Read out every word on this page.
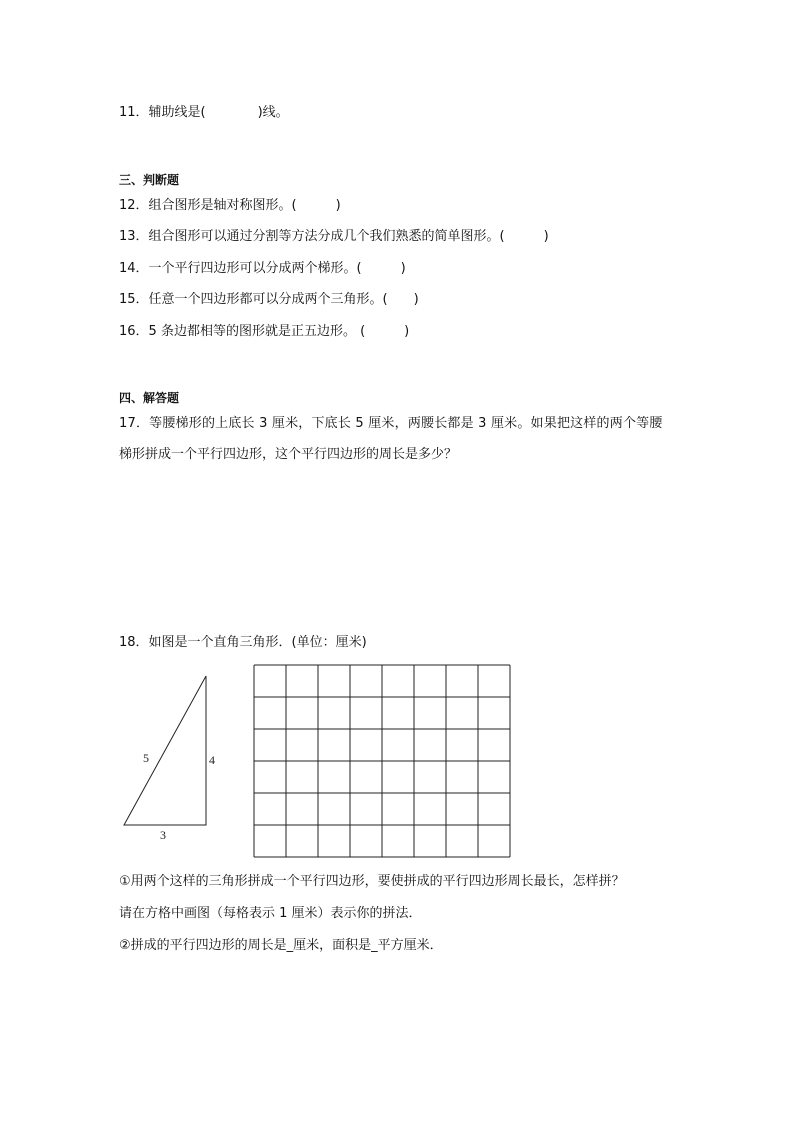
11．辅助线是(　　　　)线。
三、判断题
12．组合图形是轴对称图形。(　　　)
13．组合图形可以通过分割等方法分成几个我们熟悉的简单图形。(　　　)
14．一个平行四边形可以分成两个梯形。(　　　)
15．任意一个四边形都可以分成两个三角形。(　　)
16．5 条边都相等的图形就是正五边形。 (　　　)
四、解答题
17．等腰梯形的上底长 3 厘米，下底长 5 厘米，两腰长都是 3 厘米。如果把这样的两个等腰
梯形拼成一个平行四边形，这个平行四边形的周长是多少？
18．如图是一个直角三角形．(单位：厘米)
5	4
3
①用两个这样的三角形拼成一个平行四边形，要使拼成的平行四边形周长最长，怎样拼？
请在方格中画图（每格表示 1 厘米）表示你的拼法．
②拼成的平行四边形的周长是_厘米，面积是_平方厘米．
